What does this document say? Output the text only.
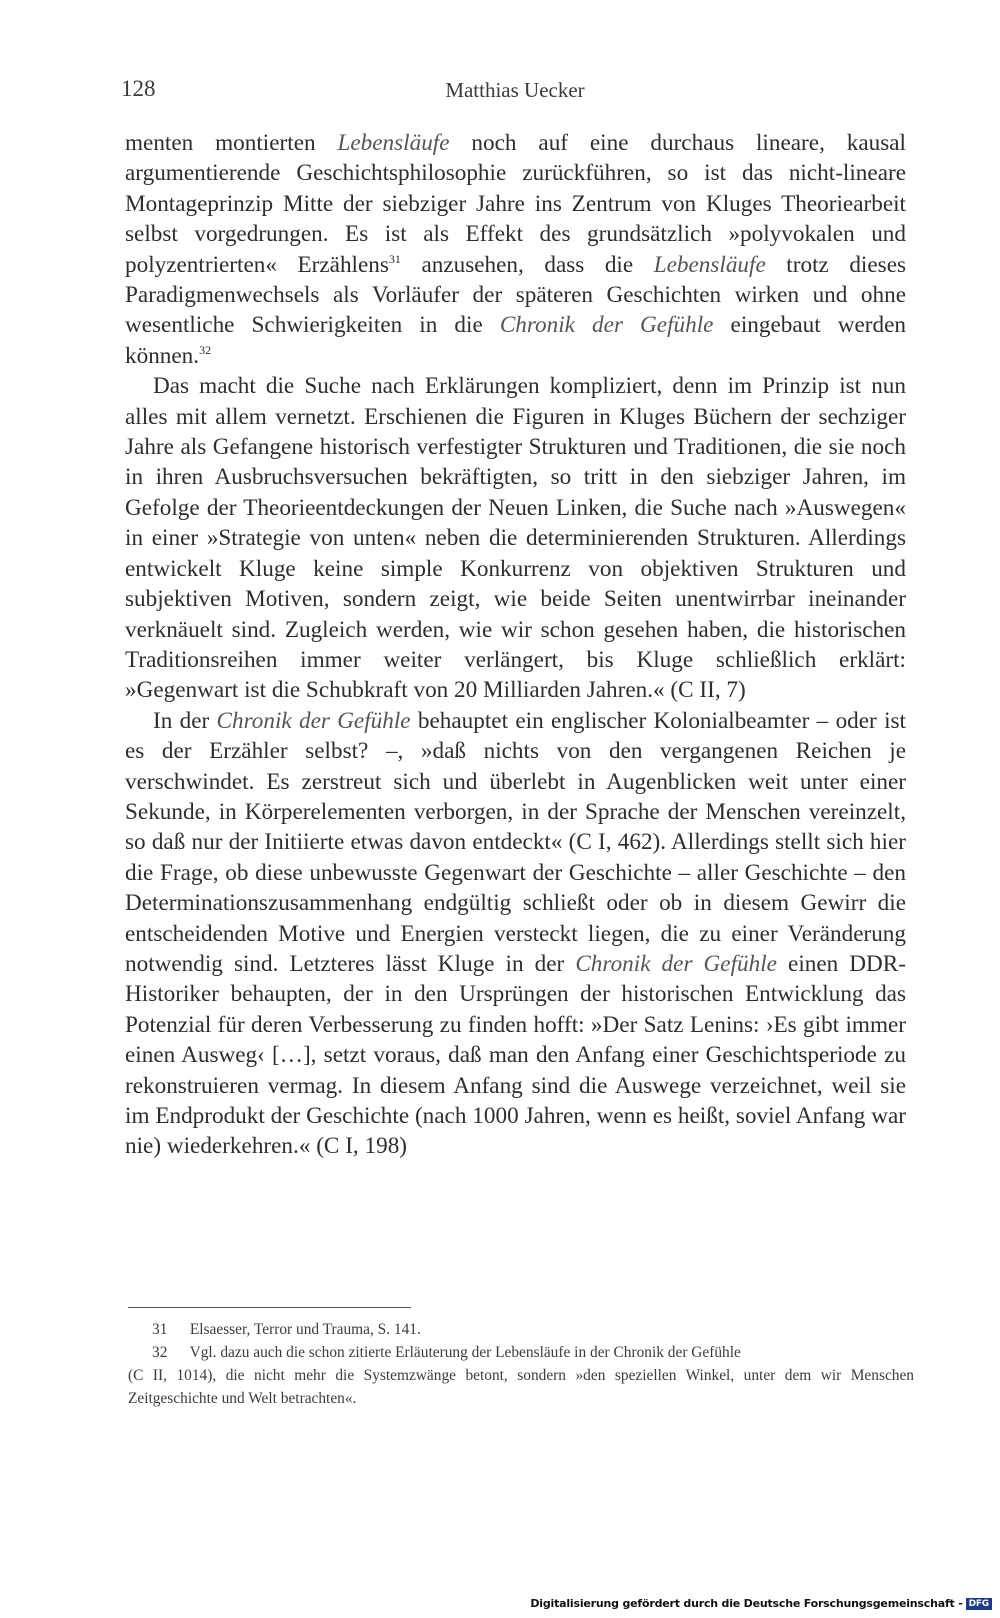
128	Matthias Uecker

menten montierten Lebensläufe noch auf eine durchaus lineare, kausal argumentierende Geschichtsphilosophie zurückführen, so ist das nicht-lineare Montageprinzip Mitte der siebziger Jahre ins Zentrum von Kluges Theoriearbeit selbst vorgedrungen. Es ist als Effekt des grundsätzlich »polyvokalen und polyzentrierten« Erzählens$^{31}$ anzusehen, dass die Lebensläufe trotz dieses Paradigmenwechsels als Vorläufer der späteren Geschichten wirken und ohne wesentliche Schwierigkeiten in die Chronik der Gefühle eingebaut werden können.$^{32}$

Das macht die Suche nach Erklärungen kompliziert, denn im Prinzip ist nun alles mit allem vernetzt. Erschienen die Figuren in Kluges Büchern der sechziger Jahre als Gefangene historisch verfestigter Strukturen und Traditionen, die sie noch in ihren Ausbruchsversuchen bekräftigten, so tritt in den siebziger Jahren, im Gefolge der Theorieentdeckungen der Neuen Linken, die Suche nach »Auswegen« in einer »Strategie von unten« neben die determinierenden Strukturen. Allerdings entwickelt Kluge keine simple Konkurrenz von objektiven Strukturen und subjektiven Motiven, sondern zeigt, wie beide Seiten unentwirrbar ineinander verknäuelt sind. Zugleich werden, wie wir schon gesehen haben, die historischen Traditionsreihen immer weiter verlängert, bis Kluge schließlich erklärt: »Gegenwart ist die Schubkraft von 20 Milliarden Jahren.« (C II, 7)

In der Chronik der Gefühle behauptet ein englischer Kolonialbeamter – oder ist es der Erzähler selbst? –, »daß nichts von den vergangenen Reichen je verschwindet. Es zerstreut sich und überlebt in Augenblicken weit unter einer Sekunde, in Körperelementen verborgen, in der Sprache der Menschen vereinzelt, so daß nur der Initiierte etwas davon entdeckt« (C I, 462). Allerdings stellt sich hier die Frage, ob diese unbewusste Gegenwart der Geschichte – aller Geschichte – den Determinationszusammenhang endgültig schließt oder ob in diesem Gewirr die entscheidenden Motive und Energien versteckt liegen, die zu einer Veränderung notwendig sind. Letzteres lässt Kluge in der Chronik der Gefühle einen DDR-Historiker behaupten, der in den Ursprüngen der historischen Entwicklung das Potenzial für deren Verbesserung zu finden hofft: »Der Satz Lenins: ›Es gibt immer einen Ausweg‹ […], setzt voraus, daß man den Anfang einer Geschichtsperiode zu rekonstruieren vermag. In diesem Anfang sind die Auswege verzeichnet, weil sie im Endprodukt der Geschichte (nach 1000 Jahren, wenn es heißt, soviel Anfang war nie) wiederkehren.« (C I, 198)

31 Elsaesser, Terror und Trauma, S. 141.

32 Vgl. dazu auch die schon zitierte Erläuterung der Lebensläufe in der Chronik der Gefühle

(C II, 1014), die nicht mehr die Systemzwänge betont, sondern »den speziellen Winkel, unter dem wir Menschen Zeitgeschichte und Welt betrachten«.

Digitalisierung gefördert durch die Deutsche Forschungsgemeinschaft - DFG
